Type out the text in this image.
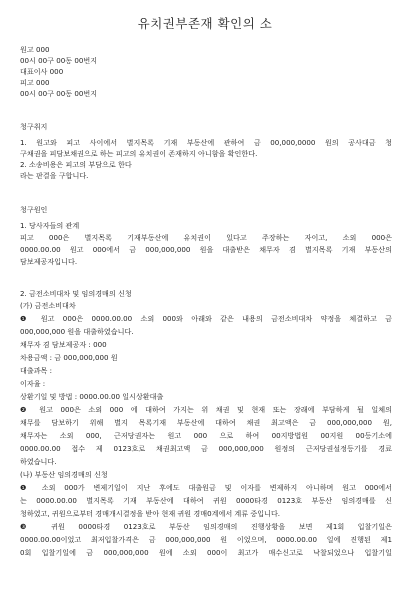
유치권부존재 확인의 소
원고 000
00시 00구 00동 00번지
대표이사 000
피고 000
00시 00구 00동 00번지
청구취지
1. 원고와 피고 사이에서 별지목록 기재 부동산에 관하여 금 00,000,0000 원의 공사대금 청
구채권을 피담보채권으로 하는 피고의 유치권이 존재하지 아니함을 확인한다.
2. 소송비용은 피고의 부담으로 한다
라는 판결을 구합니다.
청구원인
1. 당사자들의 관계
피고 000은 별지목록 기재부동산에 유치권이 있다고 주장하는 자이고, 소외 000은
0000.00.00 원고 000에서 금 000,000,000 원을 대출받은 채무자 겸 별지목록 기재 부동산의
담보제공자입니다.
2. 금전소비대차 및 임의경매의 신청
(가) 금전소비대차
❶ 원고 000은 0000.00.00 소외 000와 아래와 같은 내용의 금전소비대차 약정을 체결하고 금
000,000,000 원을 대출하였습니다.
채무자 겸 담보제공자 : 000
차용금액 : 금 000,000,000 원
대출과목 :
이자율 :
상환기일 및 방법 : 0000.00.00 일시상환대출
❷ 원고 000은 소외 000 에 대하여 가지는 위 채권 및 현재 또는 장래에 부담하게 될 일체의
채무를 담보하기 위해 별지 목록기재 부동산에 대하여 채권 최고액은 금 000,000,000 원,
채무자는 소외 000, 근저당권자는 원고 000 으로 하여 00지방법원 00지원 00등기소에
0000.00.00 접수 제 0123호로 채권최고액 금 000,000,000 원정의 근저당권설정등기를 경료
하였습니다.
(나) 부동산 임의경매의 신청
❶ 소외 000가 변제기일이 지난 후에도 대출원금 및 이자를 변제하지 아니하며 원고 000에서
는 0000.00.00 별지목록 기재 부동산에 대하여 귀원 0000타경 0123호 부동산 임의경매를 신
청하였고, 귀원으로부터 경매개시결정을 받아 현재 귀원 경매0계에서 계류 중입니다.
❸ 귀원 0000타경 0123호로 부동산 임의경매의 진행상황을 보면 제1회 입찰기일은
0000.00.00이었고 최저입찰가격은 금 000,000,000 원 이었으며, 0000.00.00 일에 진행된 제1
0회 입찰기일에 금 000,000,000 원에 소외 000이 최고가 매수신고로 낙찰되었으나 입찰기일
